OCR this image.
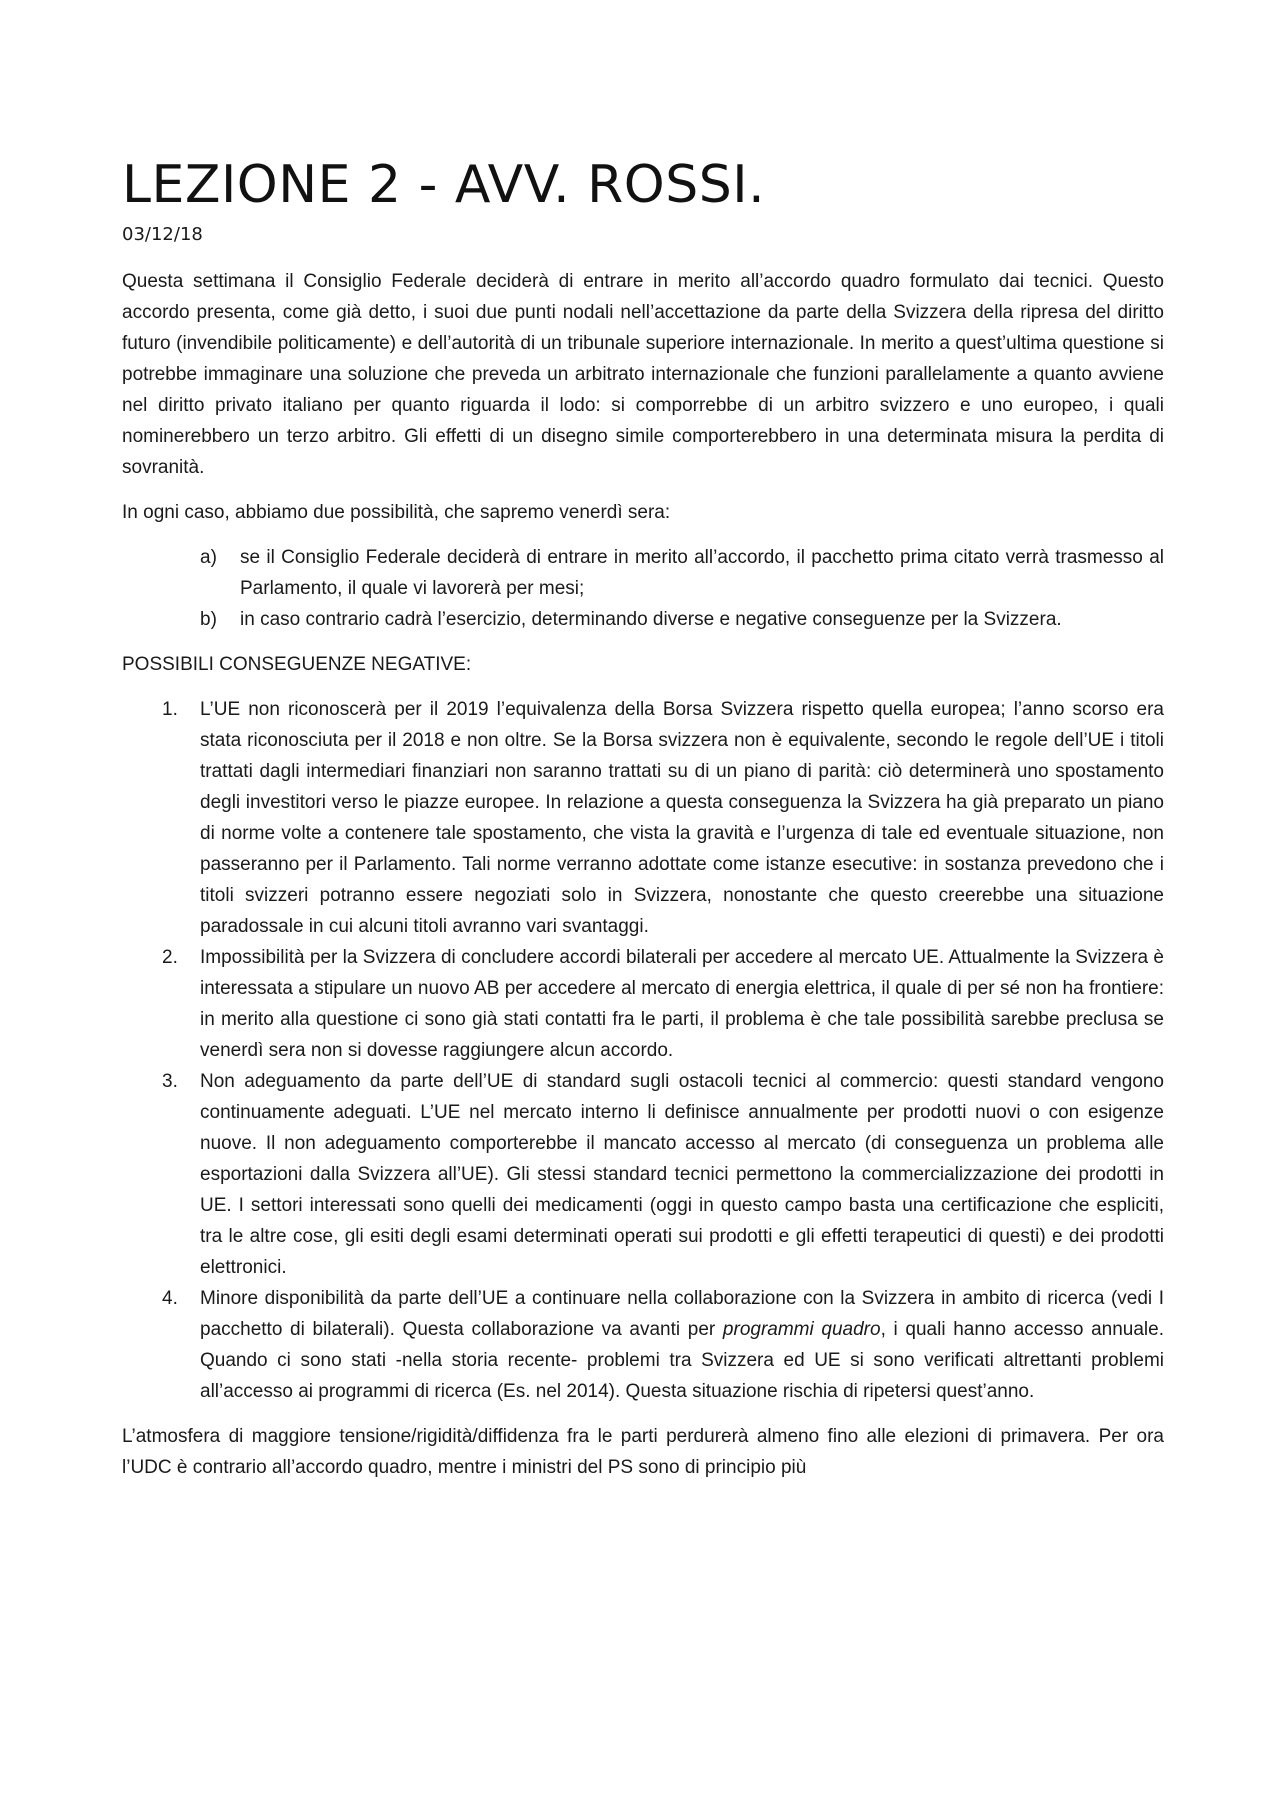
LEZIONE 2 - AVV. ROSSI.
03/12/18

Questa settimana il Consiglio Federale deciderà di entrare in merito all’accordo quadro formulato dai tecnici. Questo accordo presenta, come già detto, i suoi due punti nodali nell’accettazione da parte della Svizzera della ripresa del diritto futuro (invendibile politicamente) e dell’autorità di un tribunale superiore internazionale. In merito a quest’ultima questione si potrebbe immaginare una soluzione che preveda un arbitrato internazionale che funzioni parallelamente a quanto avviene nel diritto privato italiano per quanto riguarda il lodo: si comporrebbe di un arbitro svizzero e uno europeo, i quali nominerebbero un terzo arbitro. Gli effetti di un disegno simile comporterebbero in una determinata misura la perdita di sovranità.

In ogni caso, abbiamo due possibilità, che sapremo venerdì sera:

a) se il Consiglio Federale deciderà di entrare in merito all’accordo, il pacchetto prima citato verrà trasmesso al Parlamento, il quale vi lavorerà per mesi;
b) in caso contrario cadrà l’esercizio, determinando diverse e negative conseguenze per la Svizzera.

POSSIBILI CONSEGUENZE NEGATIVE:

1. L’UE non riconoscerà per il 2019 l’equivalenza della Borsa Svizzera rispetto quella europea; l’anno scorso era stata riconosciuta per il 2018 e non oltre. Se la Borsa svizzera non è equivalente, secondo le regole dell’UE i titoli trattati dagli intermediari finanziari non saranno trattati su di un piano di parità: ciò determinerà uno spostamento degli investitori verso le piazze europee. In relazione a questa conseguenza la Svizzera ha già preparato un piano di norme volte a contenere tale spostamento, che vista la gravità e l’urgenza di tale ed eventuale situazione, non passeranno per il Parlamento. Tali norme verranno adottate come istanze esecutive: in sostanza prevedono che i titoli svizzeri potranno essere negoziati solo in Svizzera, nonostante che questo creerebbe una situazione paradossale in cui alcuni titoli avranno vari svantaggi.
2. Impossibilità per la Svizzera di concludere accordi bilaterali per accedere al mercato UE. Attualmente la Svizzera è interessata a stipulare un nuovo AB per accedere al mercato di energia elettrica, il quale di per sé non ha frontiere: in merito alla questione ci sono già stati contatti fra le parti, il problema è che tale possibilità sarebbe preclusa se venerdì sera non si dovesse raggiungere alcun accordo.
3. Non adeguamento da parte dell’UE di standard sugli ostacoli tecnici al commercio: questi standard vengono continuamente adeguati. L’UE nel mercato interno li definisce annualmente per prodotti nuovi o con esigenze nuove. Il non adeguamento comporterebbe il mancato accesso al mercato (di conseguenza un problema alle esportazioni dalla Svizzera all’UE). Gli stessi standard tecnici permettono la commercializzazione dei prodotti in UE. I settori interessati sono quelli dei medicamenti (oggi in questo campo basta una certificazione che espliciti, tra le altre cose, gli esiti degli esami determinati operati sui prodotti e gli effetti terapeutici di questi) e dei prodotti elettronici.
4. Minore disponibilità da parte dell’UE a continuare nella collaborazione con la Svizzera in ambito di ricerca (vedi I pacchetto di bilaterali). Questa collaborazione va avanti per programmi quadro, i quali hanno accesso annuale. Quando ci sono stati -nella storia recente- problemi tra Svizzera ed UE si sono verificati altrettanti problemi all’accesso ai programmi di ricerca (Es. nel 2014). Questa situazione rischia di ripetersi quest’anno.

L’atmosfera di maggiore tensione/rigidità/diffidenza fra le parti perdurerà almeno fino alle elezioni di primavera. Per ora l’UDC è contrario all’accordo quadro, mentre i ministri del PS sono di principio più
